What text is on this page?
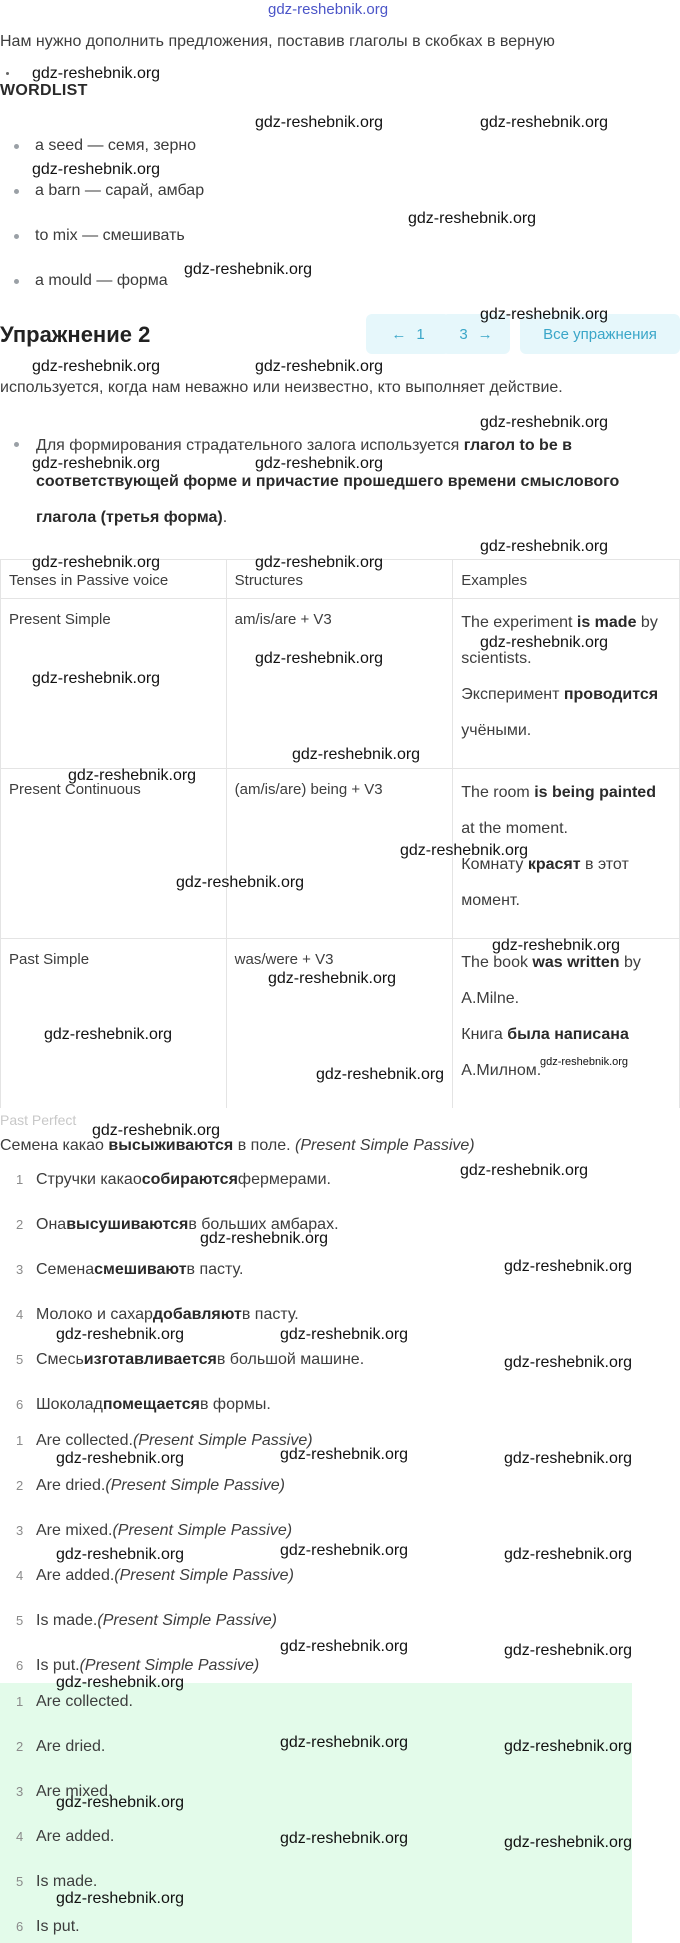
gdz-reshebnik.org
Нам нужно дополнить предложения, поставив глаголы в скобках в верную
WORDLIST
a seed — семя, зерно
a barn — сарай, амбар
to mix — смешивать
a mould — форма
Упражнение 2	← 1 3 →	Все упражнения
используется, когда нам неважно или неизвестно, кто выполняет действие.
Для формирования страдательного залога используется глагол to be в соответствующей форме и причастие прошедшего времени смыслового глагола (третья форма).
Tenses in Passive voice	Structures	Examples
Present Simple	am/is/are + V3	The experiment is made by scientists.
Эксперимент проводится учёными.
Present Continuous	(am/is/are) being + V3	The room is being painted at the moment.
Комнату красят в этот момент.
Past Simple	was/were + V3	The book was written by A.Milne.
Книга была написана A.Милном.
Past Perfect
Семена какао высыживаются в поле. (Present Simple Passive)
1 Стручки какао собираются фермерами.
2 Она высушиваются в больших амбарах.
3 Семена смешивают в пасту.
4 Молоко и сахар добавляют в пасту.
5 Смесь изготавливается в большой машине.
6 Шоколад помещается в формы.
1 Are collected. (Present Simple Passive)
2 Are dried. (Present Simple Passive)
3 Are mixed. (Present Simple Passive)
4 Are added. (Present Simple Passive)
5 Is made. (Present Simple Passive)
6 Is put. (Present Simple Passive)
1 Are collected.
2 Are dried.
3 Are mixed.
4 Are added.
5 Is made.
6 Is put.
gdz-reshebnik.org
gdz-reshebnik.org	gdz-reshebnik.org
gdz-reshebnik.org
gdz-reshebnik.org
gdz-reshebnik.org
gdz-reshebnik.org
gdz-reshebnik.org	gdz-reshebnik.org
gdz-reshebnik.org
gdz-reshebnik.org	gdz-reshebnik.org
gdz-reshebnik.org
gdz-reshebnik.org	gdz-reshebnik.org
gdz-reshebnik.org
gdz-reshebnik.org
gdz-reshebnik.org
gdz-reshebnik.org
gdz-reshebnik.org
gdz-reshebnik.org
gdz-reshebnik.org
gdz-reshebnik.org
gdz-reshebnik.org
gdz-reshebnik.org
gdz-reshebnik.org
gdz-reshebnik.org
gdz-reshebnik.org
gdz-reshebnik.org
gdz-reshebnik.org
gdz-reshebnik.org
gdz-reshebnik.org	gdz-reshebnik.org
gdz-reshebnik.org
gdz-reshebnik.org	gdz-reshebnik.org	gdz-reshebnik.org
gdz-reshebnik.org	gdz-reshebnik.org	gdz-reshebnik.org
gdz-reshebnik.org	gdz-reshebnik.org
gdz-reshebnik.org
gdz-reshebnik.org	gdz-reshebnik.org
gdz-reshebnik.org
gdz-reshebnik.org	gdz-reshebnik.org
gdz-reshebnik.org
